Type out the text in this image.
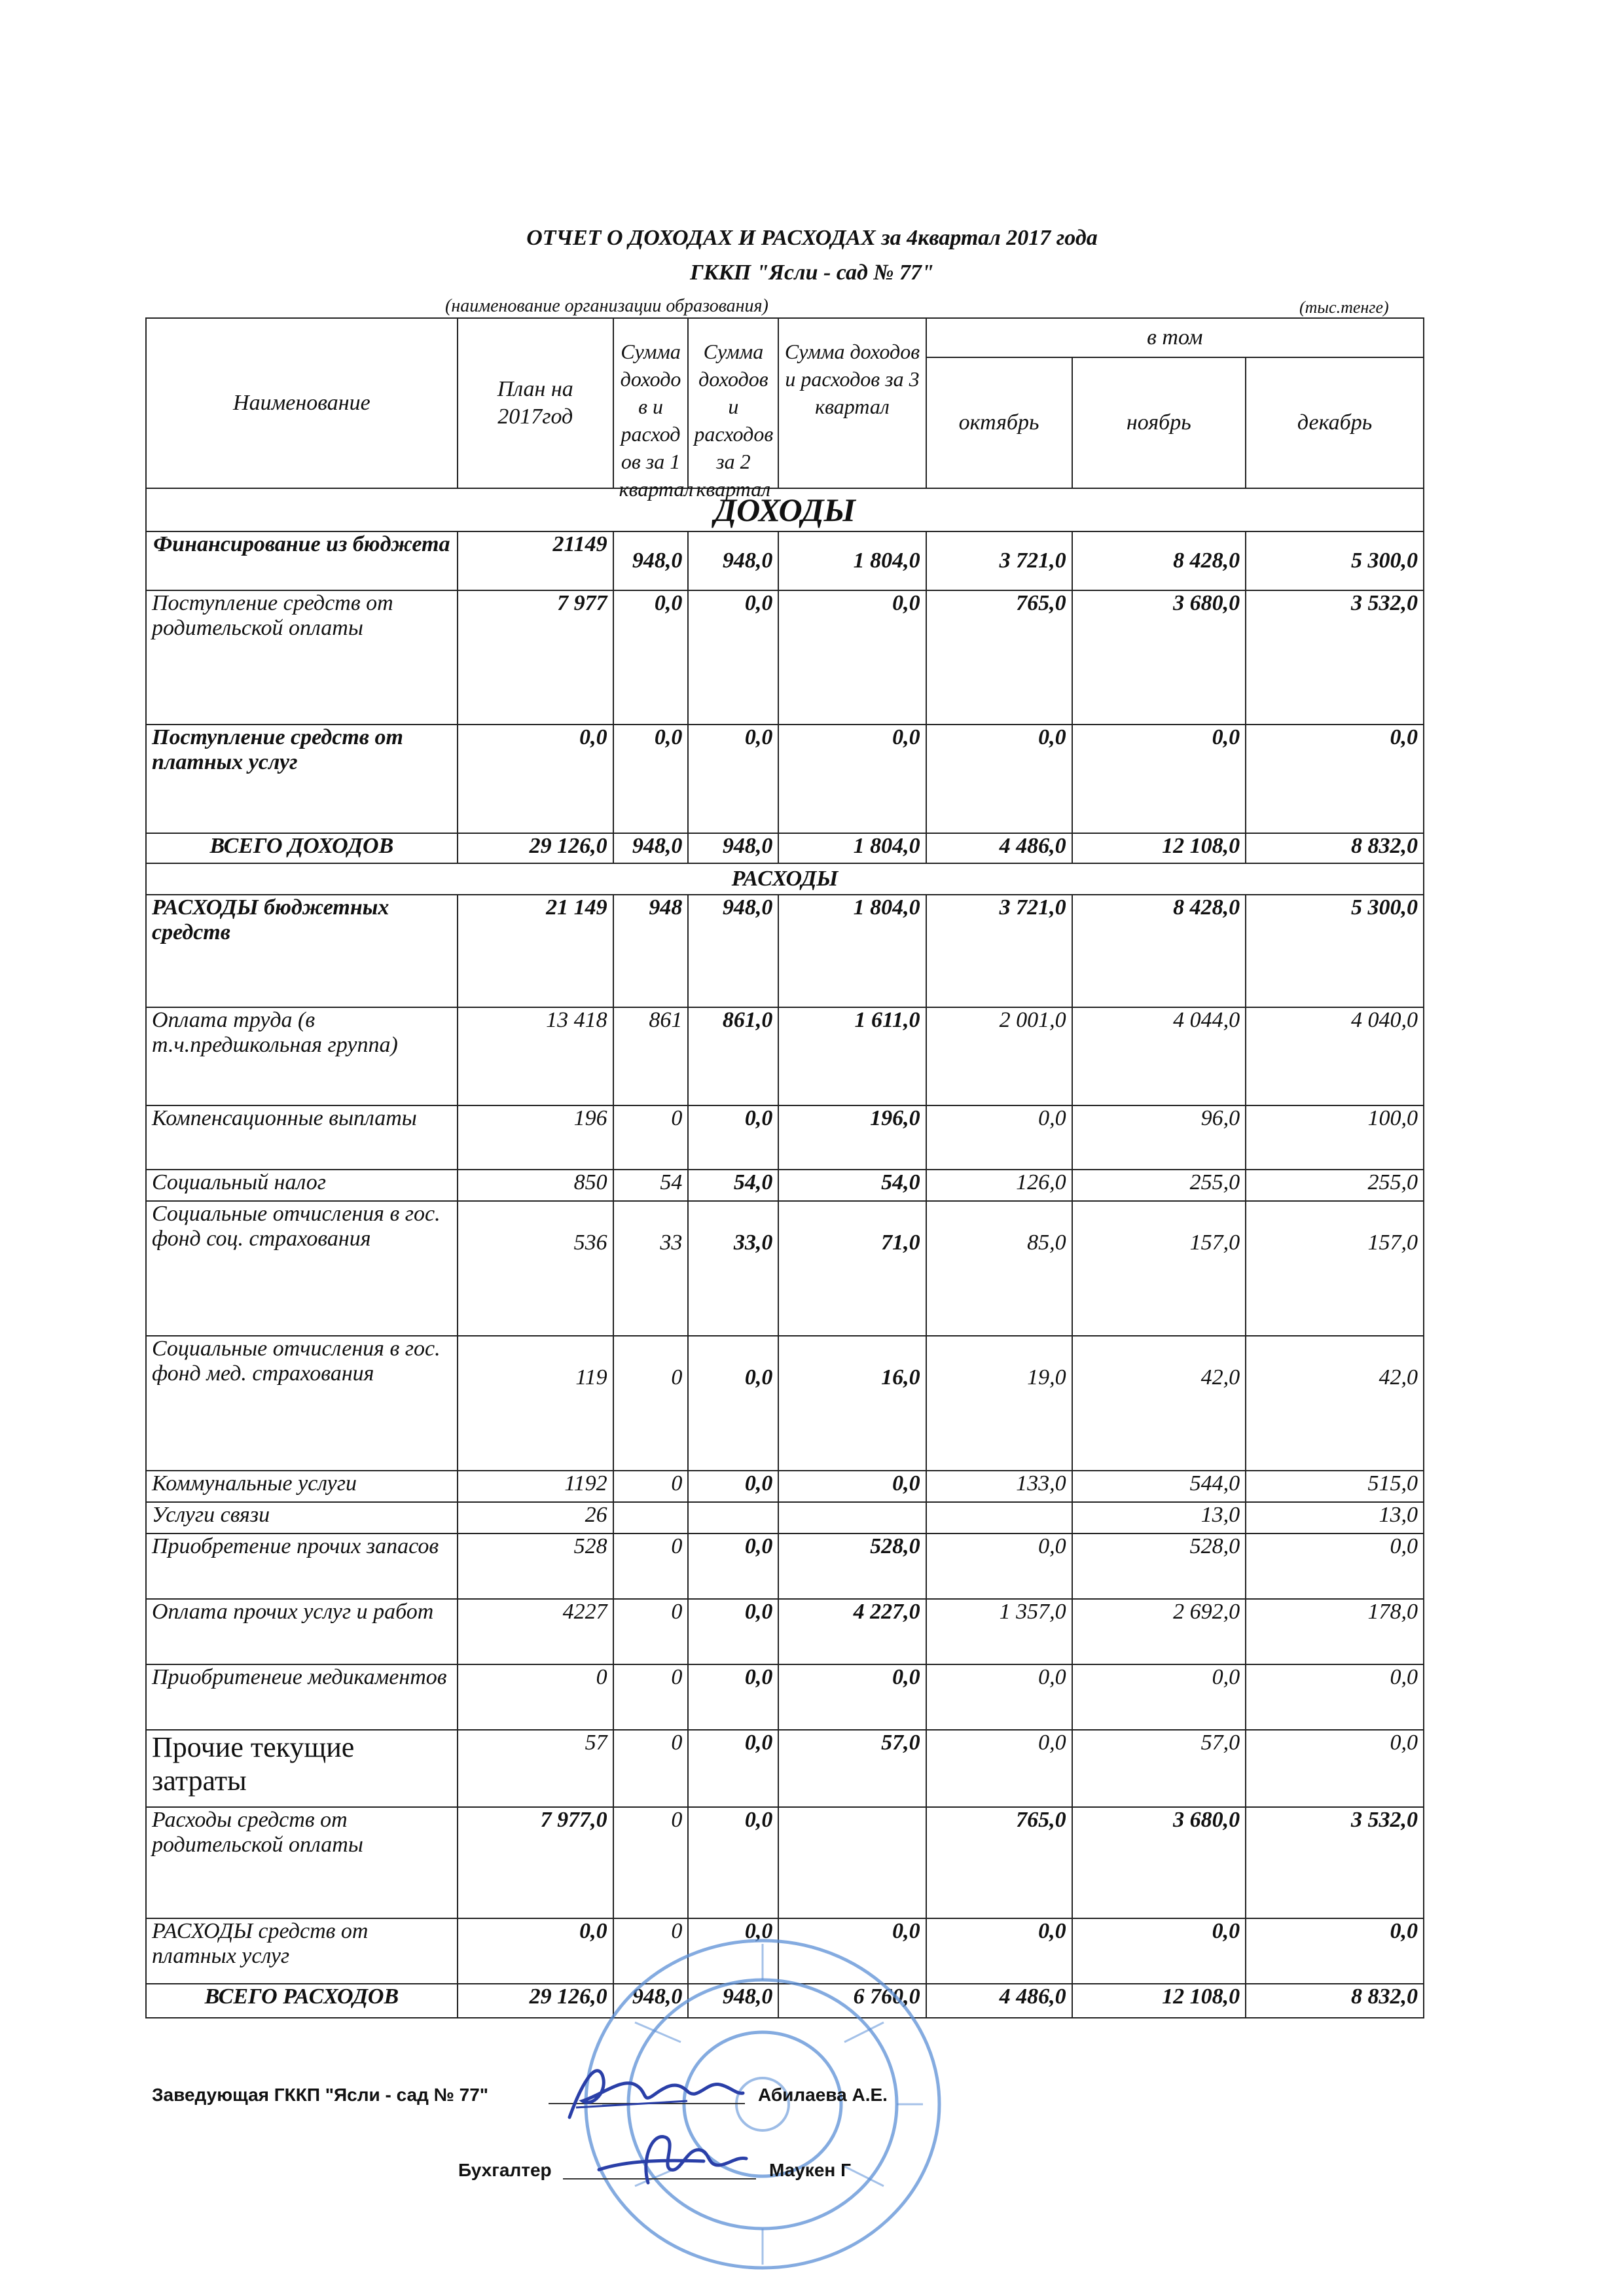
ОТЧЕТ О ДОХОДАХ И РАСХОДАХ за 4квартал 2017 года
ГККП "Ясли - сад № 77"
(наименование организации образования)	(тыс.тенге)
Наименование	План на 2017год	Сумма доходо в и расход ов за 1 квартал	Сумма доходов и расходов за 2 квартал	Сумма доходов и расходов за 3 квартал	в том		
					октябрь	ноябрь	декабрь
ДОХОДЫ							
Финансирование из бюджета	21149	948,0	948,0	1 804,0	3 721,0	8 428,0	5 300,0
Поступление средств от родительской оплаты	7 977	0,0	0,0	0,0	765,0	3 680,0	3 532,0
Поступление средств от платных услуг	0,0	0,0	0,0	0,0	0,0	0,0	0,0
ВСЕГО ДОХОДОВ	29 126,0	948,0	948,0	1 804,0	4 486,0	12 108,0	8 832,0
РАСХОДЫ							
РАСХОДЫ бюджетных средств	21 149	948	948,0	1 804,0	3 721,0	8 428,0	5 300,0
Оплата труда (в т.ч.предшкольная группа)	13 418	861	861,0	1 611,0	2 001,0	4 044,0	4 040,0
Компенсационные выплаты	196	0	0,0	196,0	0,0	96,0	100,0
Социальный налог	850	54	54,0	54,0	126,0	255,0	255,0
Социальные отчисления в гос. фонд соц. страхования	536	33	33,0	71,0	85,0	157,0	157,0
Социальные отчисления в гос. фонд мед. страхования	119	0	0,0	16,0	19,0	42,0	42,0
Коммунальные услуги	1192	0	0,0	0,0	133,0	544,0	515,0
Услуги связи	26					13,0	13,0
Приобретение прочих запасов	528	0	0,0	528,0	0,0	528,0	0,0
Оплата прочих услуг и работ	4227	0	0,0	4 227,0	1 357,0	2 692,0	178,0
Приобритенеие медикаментов	0	0	0,0	0,0	0,0	0,0	0,0
Прочие текущие затраты	57	0	0,0	57,0	0,0	57,0	0,0
Расходы средств от родительской оплаты	7 977,0	0	0,0		765,0	3 680,0	3 532,0
РАСХОДЫ средств от платных услуг	0,0	0	0,0	0,0	0,0	0,0	0,0
ВСЕГО РАСХОДОВ	29 126,0	948,0	948,0	6 760,0	4 486,0	12 108,0	8 832,0
Заведующая ГККП "Ясли - сад № 77"	Абилаева А.Е.
Бухгалтер	Маукен Г
